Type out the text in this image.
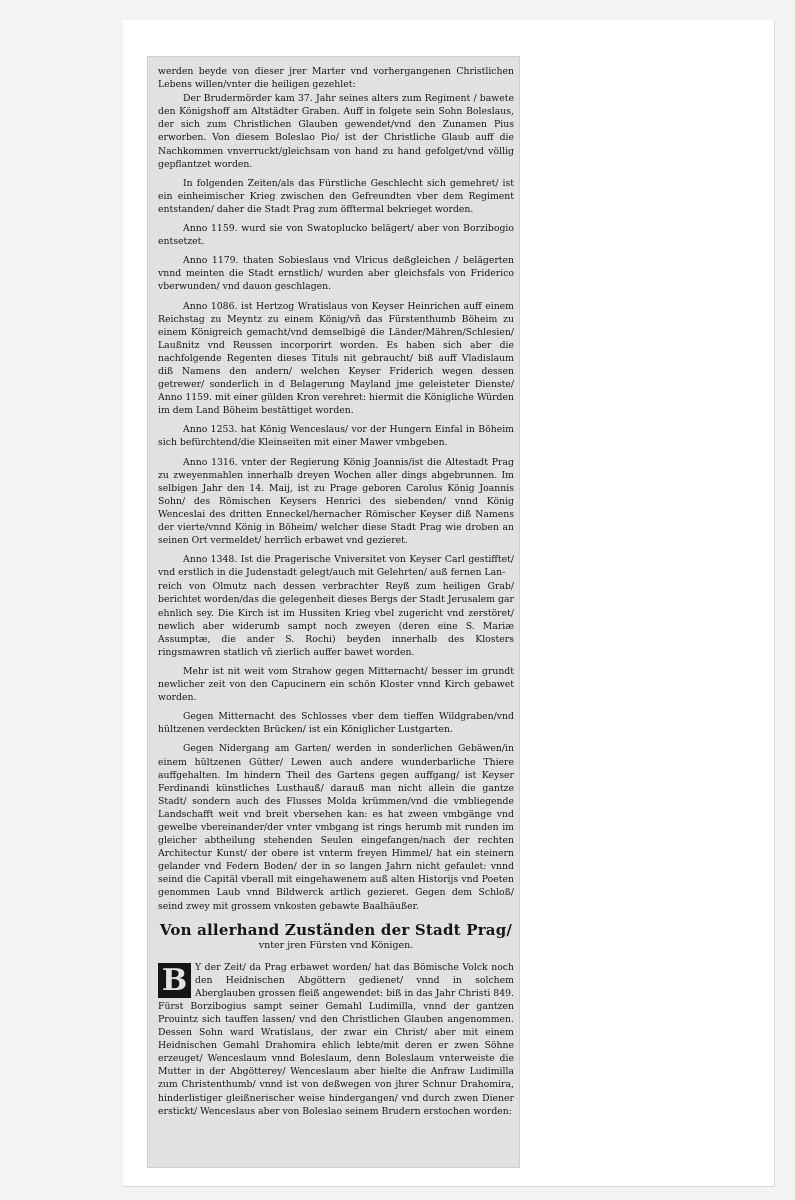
werden beyde von dieser jrer Marter vnd vorhergangenen Christlichen Lebens willen/vnter die heiligen gezehlet:

Der Brudermörder kam 37. Jahr seines alters zum Regiment / bawete den Königshoff am Altstädter Graben. Auff in folgete sein Sohn Boleslaus, der sich zum Christlichen Glauben gewendet/vnd den Zunamen Pius erworben. Von diesem Boleslao Pio/ ist der Christliche Glaub auff die Nachkommen vnverruckt/gleichsam von hand zu hand gefolget/vnd völlig gepflantzet worden.

In folgenden Zeiten/als das Fürstliche Geschlecht sich gemehret/ ist ein einheimischer Krieg zwischen den Gefreundten vber dem Regiment entstanden/ daher die Stadt Prag zum öfftermal bekrieget worden.

Anno 1159. wurd sie von Swatoplucko belägert/ aber von Borzibogio entsetzet.

Anno 1179. thaten Sobieslaus vnd Vlricus deßgleichen / belägerten vnnd meinten die Stadt ernstlich/ wurden aber gleichsfals von Friderico vberwunden/ vnd dauon geschlagen.

Anno 1086. ist Hertzog Wratislaus von Keyser Heinrichen auff einem Reichstag zu Meyntz zu einem König/vñ das Fürstenthumb Böheim zu einem Königreich gemacht/vnd demselbigē die Länder/Mähren/Schlesien/ Laußnitz vnd Reussen incorporirt worden. Es haben sich aber die nachfolgende Regenten dieses Tituls nit gebraucht/ biß auff Vladislaum diß Namens den andern/ welchen Keyser Friderich wegen dessen getrewer/ sonderlich in d Belagerung Mayland jme geleisteter Dienste/ Anno 1159. mit einer gülden Kron verehret: hiermit die Königliche Würden im dem Land Böheim bestättiget worden.

Anno 1253. hat König Wenceslaus/ vor der Hungern Einfal in Böheim sich befürchtend/die Kleinseiten mit einer Mawer vmbgeben.

Anno 1316. vnter der Regierung König Joannis/ist die Altestadt Prag zu zweyenmahlen innerhalb dreyen Wochen aller dings abgebrunnen. Im selbigen Jahr den 14. Maij, ist zu Prage geboren Carolus König Joannis Sohn/ des Römischen Keysers Henrici des siebenden/ vnnd König Wenceslai des dritten Enneckel/hernacher Römischer Keyser diß Namens der vierte/vnnd König in Böheim/ welcher diese Stadt Prag wie droben an seinen Ort vermeldet/ herrlich erbawet vnd gezieret.

Anno 1348. Ist die Pragerische Vniversitet von Keyser Carl gestifftet/ vnd erstlich in die Judenstadt gelegt/auch mit Gelehrten/ auß fernen Lan-

reich von Olmutz nach dessen verbrachter Reyß zum heiligen Grab/ berichtet worden/das die gelegenheit dieses Bergs der Stadt Jerusalem gar ehnlich sey. Die Kirch ist im Hussiten Krieg vbel zugericht vnd zerstöret/ newlich aber widerumb sampt noch zweyen (deren eine S. Mariæ Assumptæ, die ander S. Rochi) beyden innerhalb des Klosters ringsmawren statlich vñ zierlich auffer bawet worden.

Mehr ist nit weit vom Strahow gegen Mitternacht/ besser im grundt newlicher zeit von den Capucinern ein schön Kloster vnnd Kirch gebawet worden.

Gegen Mitternacht des Schlosses vber dem tieffen Wildgraben/vnd hültzenen verdeckten Brücken/ ist ein Königlicher Lustgarten.

Gegen Nidergang am Garten/ werden in sonderlichen Gebäwen/in einem hültzenen Gütter/ Lewen auch andere wunderbarliche Thiere auffgehalten. Im hindern Theil des Gartens gegen auffgang/ ist Keyser Ferdinandi künstliches Lusthauß/ darauß man nicht allein die gantze Stadt/ sondern auch des Flusses Molda krümmen/vnd die vmbliegende Landschafft weit vnd breit vbersehen kan: es hat zween vmbgänge vnd gewelbe vbereinander/der vnter vmbgang ist rings herumb mit runden im gleicher abtheilung stehenden Seulen eingefangen/nach der rechten Architectur Kunst/ der obere ist vnterm freyen Himmel/ hat ein steinern gelander vnd Federn Boden/ der in so langen Jahrn nicht gefaulet: vnnd seind die Capitäl vberall mit eingehawenem auß alten Historijs vnd Poeten genommen Laub vnnd Bildwerck artlich gezieret. Gegen dem Schloß/ seind zwey mit grossem vnkosten gebawte Baalhäußer.

Von allerhand Zuständen der Stadt Prag/
vnter jren Fürsten vnd Königen.
B Y der Zeit/ da Prag erbawet worden/ hat das Bömische Volck noch den Heidnischen Abgöttern gedienet/ vnnd in solchem Aberglauben grossen fleiß angewendet: biß in das Jahr Christi 849. Fürst Borzibogius sampt seiner Gemahl Ludimilla, vnnd der gantzen Prouintz sich tauffen lassen/ vnd den Christlichen Glauben angenommen. Dessen Sohn ward Wratislaus, der zwar ein Christ/ aber mit einem Heidnischen Gemahl Drahomira ehlich lebte/mit deren er zwen Söhne erzeuget/ Wenceslaum vnnd Boleslaum, denn Boleslaum vnterweiste die Mutter in der Abgötterey/ Wenceslaum aber hielte die Anfraw Ludimilla zum Christenthumb/ vnnd ist von deßwegen von jhrer Schnur Drahomira, hinderlistiger gleißnerischer weise hindergangen/ vnd durch zwen Diener erstickt/ Wenceslaus aber von Boleslao seinem Brudern erstochen worden:
